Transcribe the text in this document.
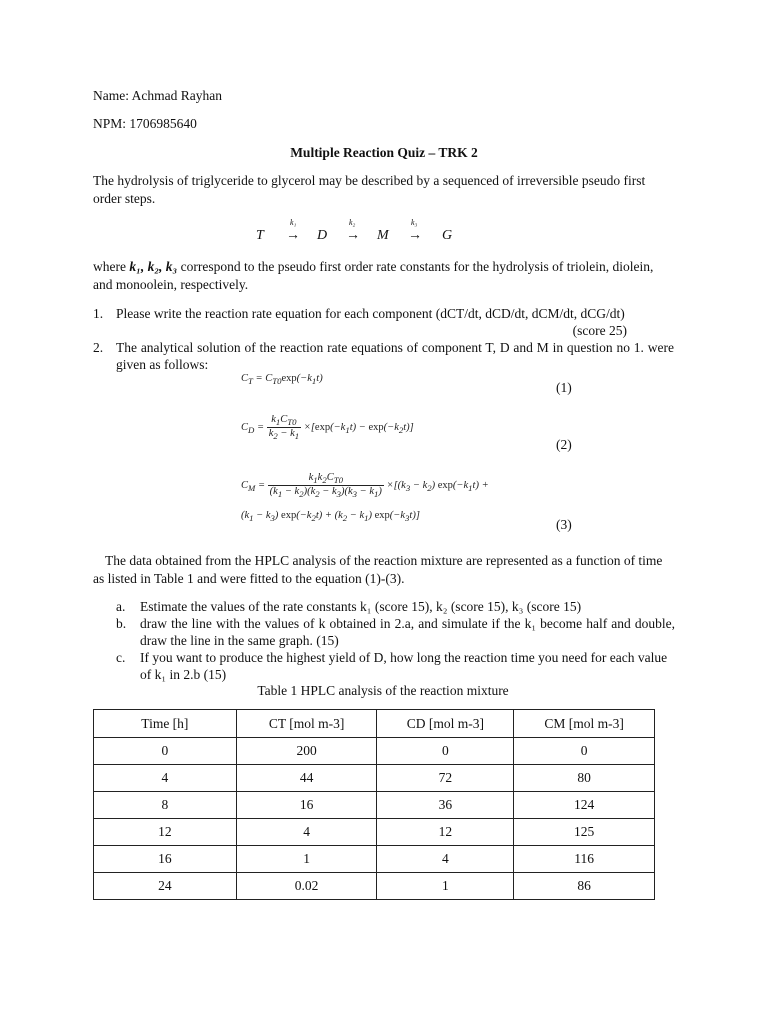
Name: Achmad Rayhan
NPM: 1706985640
Multiple Reaction Quiz – TRK 2
The hydrolysis of triglyceride to glycerol may be described by a sequenced of irreversible pseudo first order steps.
k₁	k₂	k₃
T → D → M → G
where k₁, k₂, k₃ correspond to the pseudo first order rate constants for the hydrolysis of triolein, diolein, and monoolein, respectively.
1. Please write the reaction rate equation for each component (dCT/dt, dCD/dt, dCM/dt, dCG/dt)
(score 25)
2. The analytical solution of the reaction rate equations of component T, D and M in question no 1. were given as follows:
$C_T = C_{T0}\exp(-k_1t)$
(1)
$C_D = \frac{k_1C_{T0}}{k_2 - k_1} \times[\exp(-k_1t) - \exp(-k_2t)]$
(2)
$C_M = \frac{k_1k_2C_{T0}}{(k_1 - k_2)(k_2 - k_3)(k_3 - k_1)} \times[(k_3 - k_2) \exp(-k_1t)$ +
$(k_1 - k_3) \exp(-k_2t) + (k_2 - k_1)$ $\exp(-k_3t)$]
(3)
The data obtained from the HPLC analysis of the reaction mixture are represented as a function of time as listed in Table 1 and were fitted to the equation (1)-(3).
a. Estimate the values of the rate constants k₁ (score 15), k₂ (score 15), k₃ (score 15)
b. draw the line with the values of k obtained in 2.a, and simulate if the k₁ become half and double, draw the line in the same graph. (15)
c. If you want to produce the highest yield of D, how long the reaction time you need for each value of k₁ in 2.b (15)
Table 1 HPLC analysis of the reaction mixture
Time [h]	CT [mol m-3]	CD [mol m-3]	CM [mol m-3]
0	200	0	0
4	44	72	80
8	16	36	124
12	4	12	125
16	1	4	116
24	0.02	1	86
